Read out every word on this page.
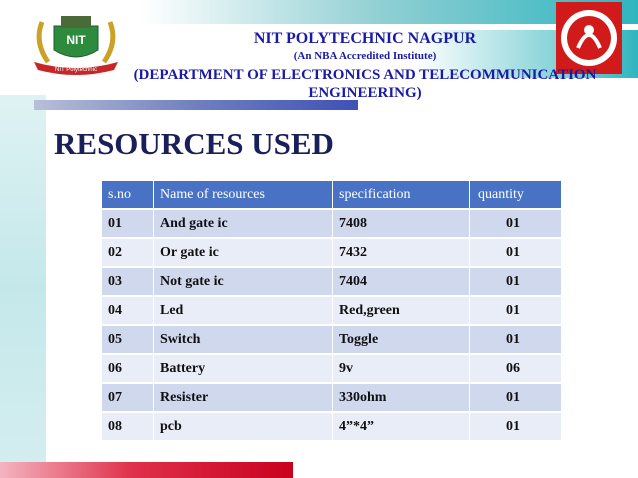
NIT
NIT Polytechnic
NIT POLYTECHNIC NAGPUR
(An NBA Accredited Institute)
(DEPARTMENT OF ELECTRONICS AND TELECOMMUNICATION
ENGINEERING)
RESOURCES USED
s.no	Name of resources	specification	quantity
01	And gate ic	7408	01
02	Or gate ic	7432	01
03	Not gate ic	7404	01
04	Led	Red,green	01
05	Switch	Toggle	01
06	Battery	9v	06
07	Resister	330ohm	01
08	pcb	4”*4”	01
